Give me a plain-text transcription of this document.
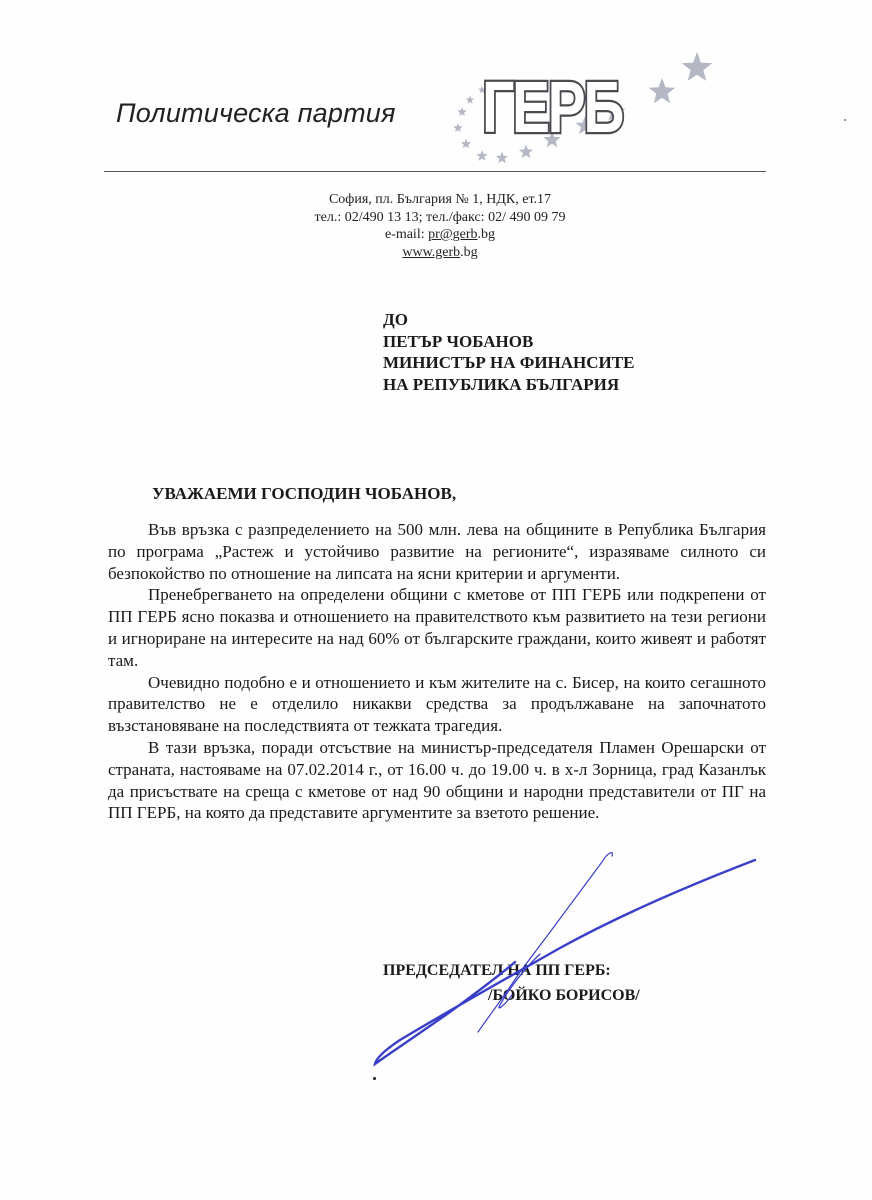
Политическа партия ГЕРБ
София, пл. България № 1, НДК, ет.17
тел.: 02/490 13 13; тел./факс: 02/ 490 09 79
e-mail: pr@gerb.bg
www.gerb.bg
ДО
ПЕТЪР ЧОБАНОВ
МИНИСТЪР НА ФИНАНСИТЕ
НА РЕПУБЛИКА БЪЛГАРИЯ
УВАЖАЕМИ ГОСПОДИН ЧОБАНОВ,

Във връзка с разпределението на 500 млн. лева на общините в Република България по програма „Растеж и устойчиво развитие на регионите“, изразяваме силното си безпокойство по отношение на липсата на ясни критерии и аргументи.

Пренебрегването на определени общини с кметове от ПП ГЕРБ или подкрепени от ПП ГЕРБ ясно показва и отношението на правителството към развитието на тези региони и игнориране на интересите на над 60% от българските граждани, които живеят и работят там.

Очевидно подобно е и отношението и към жителите на с. Бисер, на които сегашното правителство не е отделило никакви средства за продължаване на започнатото възстановяване на последствията от тежката трагедия.

В тази връзка, поради отсъствие на министър-председателя Пламен Орешарски от страната, настояваме на 07.02.2014 г., от 16.00 ч. до 19.00 ч. в х-л Зорница, град Казанлък да присъствате на среща с кметове от над 90 общини и народни представители от ПГ на ПП ГЕРБ, на която да представите аргументите за взетото решение.

ПРЕДСЕДАТЕЛ НА ПП ГЕРБ:
/БОЙКО БОРИСОВ/
